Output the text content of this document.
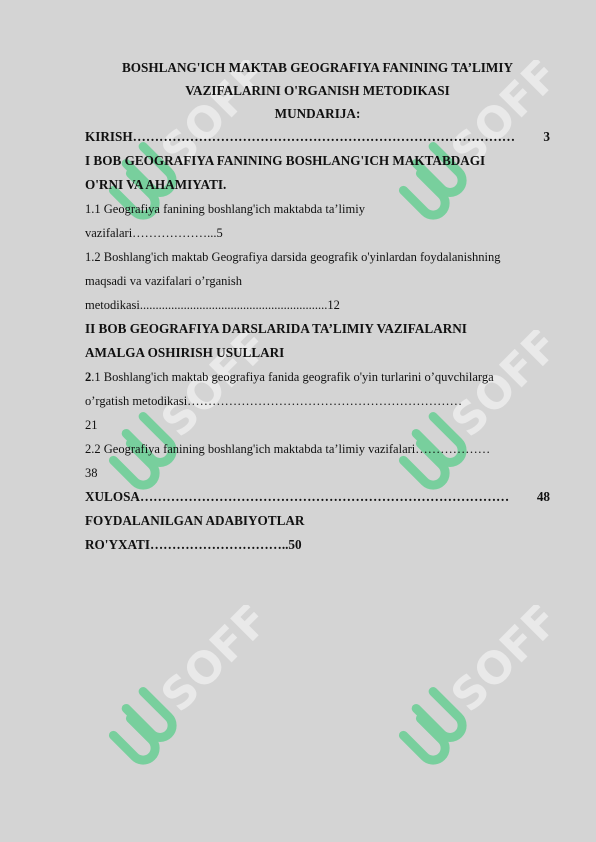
SOFF	SOFF
SOFF	SOFF
SOFF	SOFF
BOSHLANG'ICH MAKTAB GEOGRAFIYA FANINING TA’LIMIY
VAZIFALARINI O'RGANISH METODIKASI
MUNDARIJA:
KIRISH ……………………………………………………………………………	3
I BOB GEOGRAFIYA FANINING BOSHLANG'ICH MAKTABDAGI
O'RNI VA AHAMIYATI.
1.1 Geografiya fanining boshlang'ich maktabda ta’limiy
vazifalari………………...5
1.2 Boshlang'ich maktab Geografiya darsida geografik o'yinlardan foydalanishning
maqsadi va vazifalari o’rganish
metodikasi............................................................12
II BOB GEOGRAFIYA DARSLARIDA TA’LIMIY VAZIFALARNI
AMALGA OSHIRISH USULLARI
2.1 Boshlang'ich maktab geografiya fanida geografik o'yin turlarini o’quvchilarga
o’rgatish metodikasi…………………………………………………………
21
2.2 Geografiya fanining boshlang'ich maktabda ta’limiy vazifalari………………
38
XULOSA …………………………………………………………………………	48
FOYDALANILGAN ADABIYOTLAR
RO'YXATI…………………………..50
